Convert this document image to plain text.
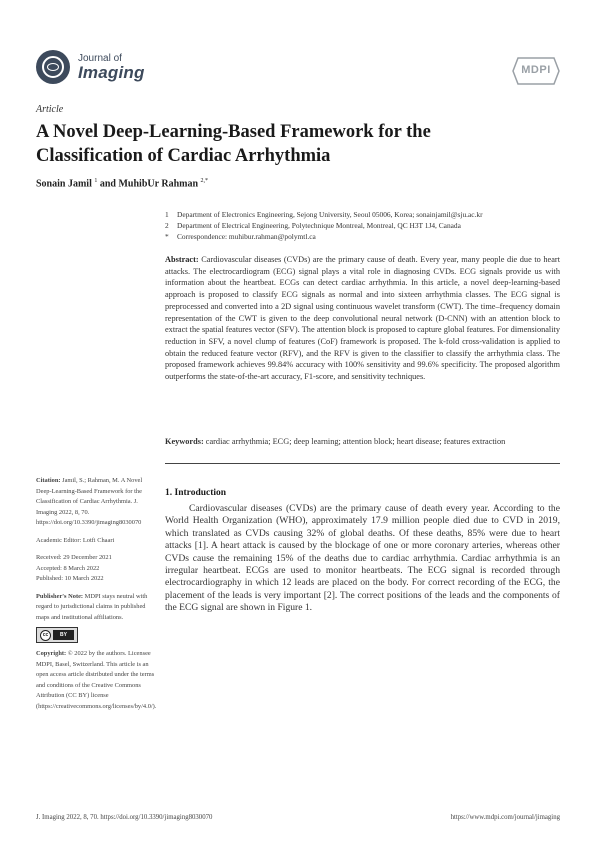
Journal of
Imaging	MDPI
Article
A Novel Deep-Learning-Based Framework for the Classification of Cardiac Arrhythmia
Sonain Jamil $^1$ and MuhibUr Rahman $^{2,*}$
1	Department of Electronics Engineering, Sejong University, Seoul 05006, Korea; sonainjamil@sju.ac.kr
2	Department of Electrical Engineering, Polytechnique Montreal, Montreal, QC H3T 1J4, Canada
*	Correspondence: muhibur.rahman@polymtl.ca
Abstract: Cardiovascular diseases (CVDs) are the primary cause of death. Every year, many people die due to heart attacks. The electrocardiogram (ECG) signal plays a vital role in diagnosing CVDs. ECG signals provide us with information about the heartbeat. ECGs can detect cardiac arrhythmia. In this article, a novel deep-learning-based approach is proposed to classify ECG signals as normal and into sixteen arrhythmia classes. The ECG signal is preprocessed and converted into a 2D signal using continuous wavelet transform (CWT). The time–frequency domain representation of the CWT is given to the deep convolutional neural network (D-CNN) with an attention block to extract the spatial features vector (SFV). The attention block is proposed to capture global features. For dimensionality reduction in SFV, a novel clump of features (CoF) framework is proposed. The k-fold cross-validation is applied to obtain the reduced feature vector (RFV), and the RFV is given to the classifier to classify the arrhythmia class. The proposed framework achieves 99.84% accuracy with 100% sensitivity and 99.6% specificity. The proposed algorithm outperforms the state-of-the-art accuracy, F1-score, and sensitivity techniques.
Keywords: cardiac arrhythmia; ECG; deep learning; attention block; heart disease; features extraction

Citation: Jamil, S.; Rahman, M. A Novel Deep-Learning-Based Framework for the Classification of Cardiac Arrhythmia. J. Imaging 2022, 8, 70. https://doi.org/10.3390/jimaging8030070

Academic Editor: Lotfi Chaari

Received: 29 December 2021

Accepted: 8 March 2022

Published: 10 March 2022

Publisher's Note: MDPI stays neutral with regard to jurisdictional claims in published maps and institutional affiliations.

cc	BY

Copyright: © 2022 by the authors. Licensee MDPI, Basel, Switzerland. This article is an open access article distributed under the terms and conditions of the Creative Commons Attribution (CC BY) license (https://creativecommons.org/licenses/by/4.0/).

1. Introduction
Cardiovascular diseases (CVDs) are the primary cause of death every year. According to the World Health Organization (WHO), approximately 17.9 million people died due to CVD in 2019, which translated as CVDs causing 32% of global deaths. Of these deaths, 85% were due to heart attacks [1]. A heart attack is caused by the blockage of one or more coronary arteries, whereas other CVDs cause the remaining 15% of the deaths due to cardiac arrhythmia. Cardiac arrhythmia is an irregular heartbeat. ECGs are used to monitor heartbeats. The ECG signal is recorded through electrocardiography in which 12 leads are placed on the body. For correct recording of the ECG, the placement of the leads is very important [2]. The correct positions of the leads and the components of the ECG signal are shown in Figure 1.
J. Imaging 2022, 8, 70. https://doi.org/10.3390/jimaging8030070	https://www.mdpi.com/journal/jimaging
